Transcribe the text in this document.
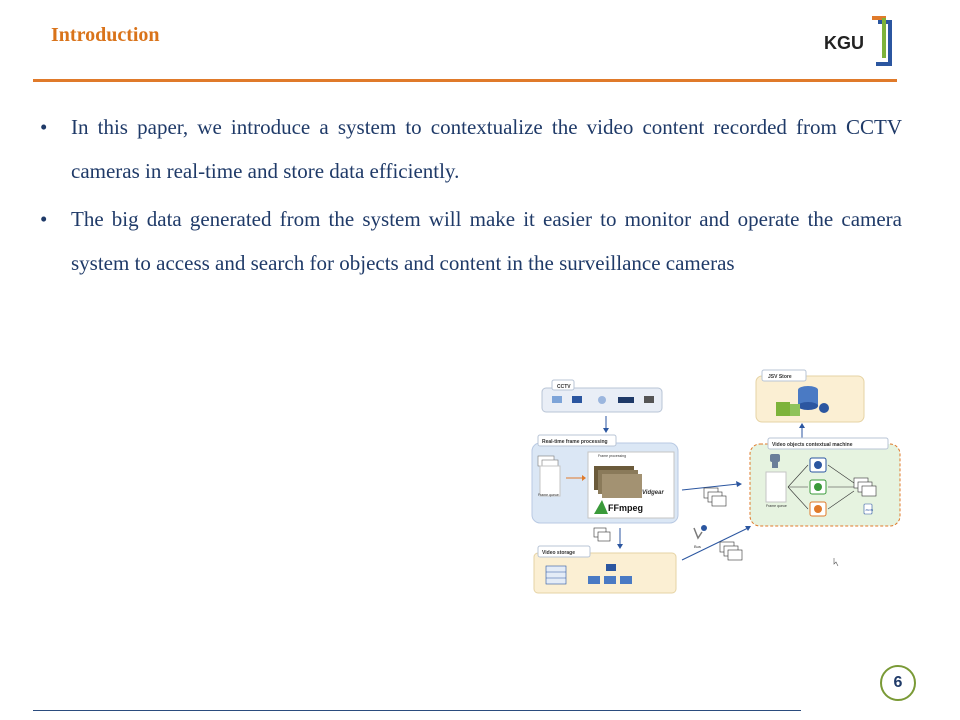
Introduction	KGU
• In this paper, we introduce a system to contextualize the video content recorded from CCTV cameras in real-time and store data efficiently.
• The big data generated from the system will make it easier to monitor and operate the camera system to access and search for objects and content in the surveillance cameras
CCTV
Real-time frame processing
Frame queue
Frame processing
Vidgear
FFmpeg
Video storage
Bus
JSV Store
Video objects contextual machine
Frame queue
JSON
6
